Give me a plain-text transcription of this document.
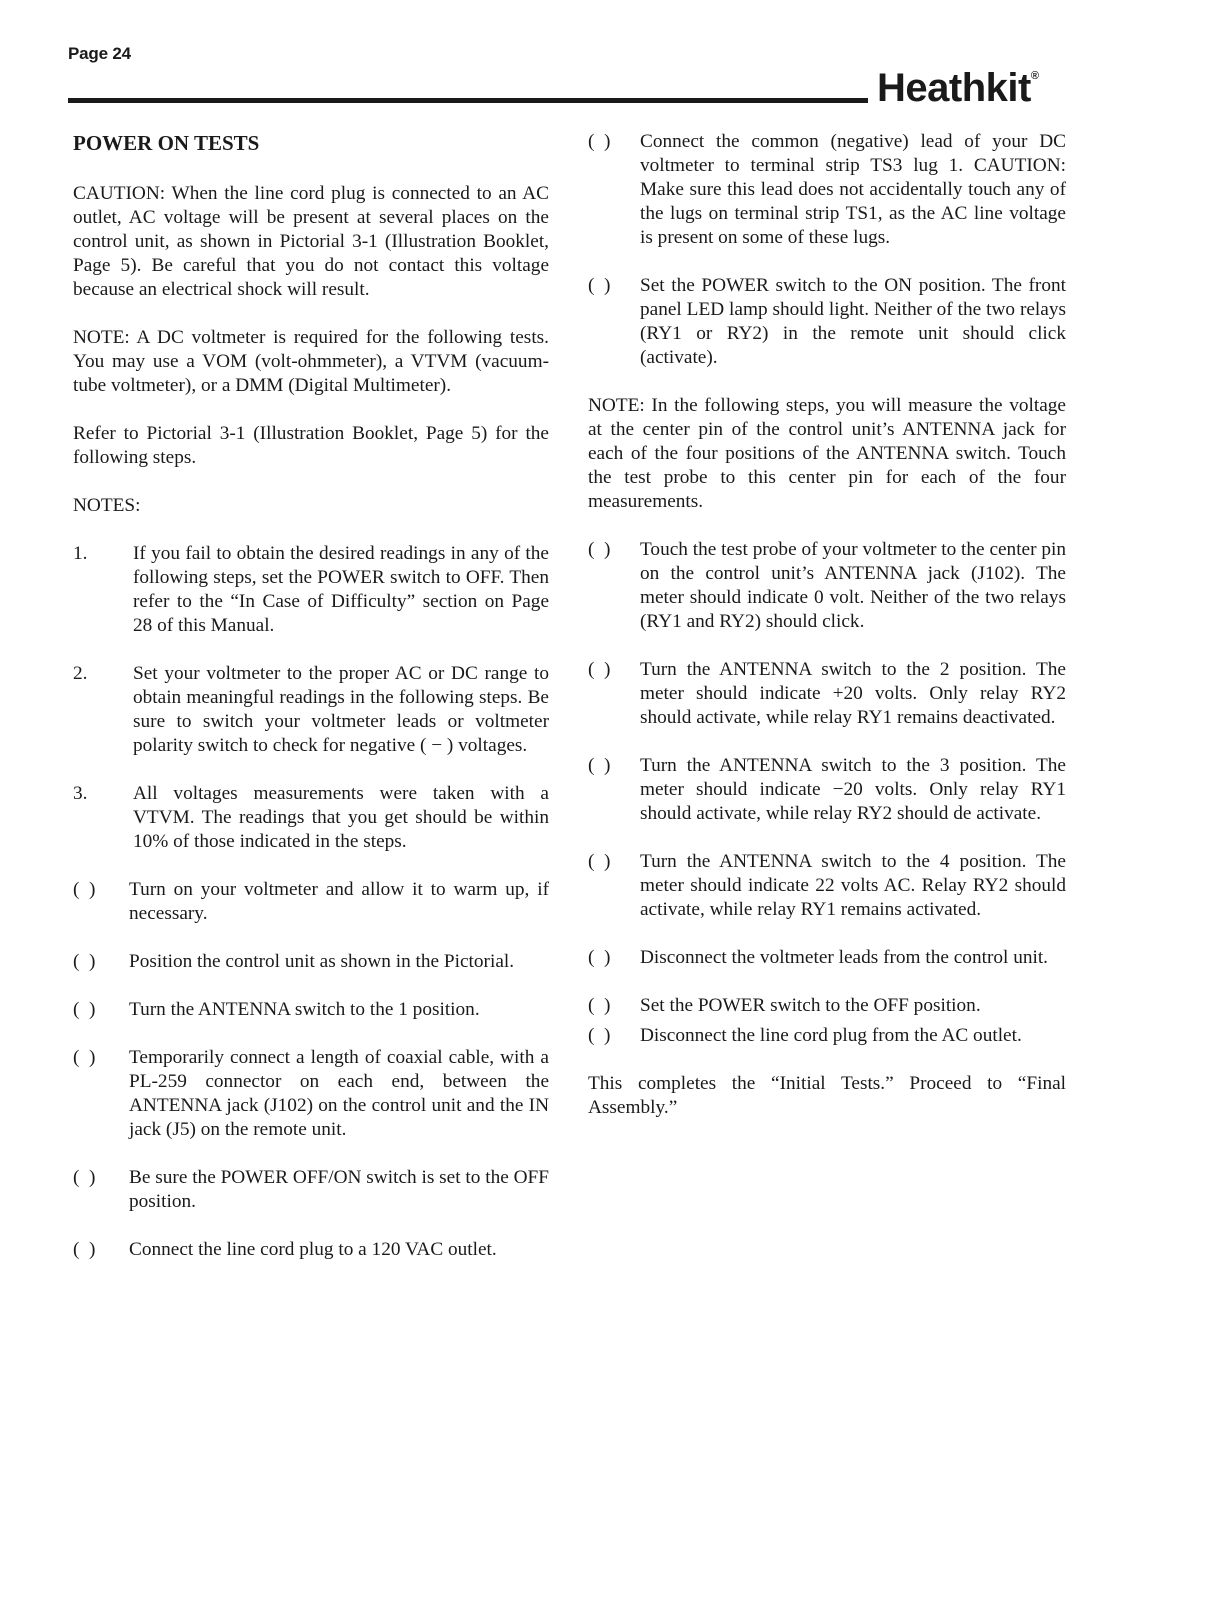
Page 24
Heathkit®

POWER ON TESTS

CAUTION: When the line cord plug is connected to an AC outlet, AC voltage will be present at several places on the control unit, as shown in Pictorial 3-1 (Illustration Booklet, Page 5). Be careful that you do not contact this voltage because an electrical shock will result.

NOTE: A DC voltmeter is required for the following tests. You may use a VOM (volt-ohmmeter), a VTVM (vacuum-tube voltmeter), or a DMM (Digital Multimeter).

Refer to Pictorial 3-1 (Illustration Booklet, Page 5) for the following steps.

NOTES:

1.	If you fail to obtain the desired readings in any of the following steps, set the POWER switch to OFF. Then refer to the “In Case of Difficulty” section on Page 28 of this Manual.
2.	Set your voltmeter to the proper AC or DC range to obtain meaningful readings in the following steps. Be sure to switch your voltmeter leads or voltmeter polarity switch to check for negative ( − ) voltages.
3.	All voltages measurements were taken with a VTVM. The readings that you get should be within 10% of those indicated in the steps.
(  )	Turn on your voltmeter and allow it to warm up, if necessary.
(  )	Position the control unit as shown in the Pictorial.
(  )	Turn the ANTENNA switch to the 1 position.
(  )	Temporarily connect a length of coaxial cable, with a PL-259 connector on each end, between the ANTENNA jack (J102) on the control unit and the IN jack (J5) on the remote unit.
(  )	Be sure the POWER OFF/ON switch is set to the OFF position.
(  )	Connect the line cord plug to a 120 VAC outlet.
(  )	Connect the common (negative) lead of your DC voltmeter to terminal strip TS3 lug 1. CAUTION: Make sure this lead does not accidentally touch any of the lugs on terminal strip TS1, as the AC line voltage is present on some of these lugs.
(  )	Set the POWER switch to the ON position. The front panel LED lamp should light. Neither of the two relays (RY1 or RY2) in the remote unit should click (activate).

NOTE: In the following steps, you will measure the voltage at the center pin of the control unit’s ANTENNA jack for each of the four positions of the ANTENNA switch. Touch the test probe to this center pin for each of the four measurements.

(  )	Touch the test probe of your voltmeter to the center pin on the control unit’s ANTENNA jack (J102). The meter should indicate 0 volt. Neither of the two relays (RY1 and RY2) should click.
(  )	Turn the ANTENNA switch to the 2 position. The meter should indicate +20 volts. Only relay RY2 should activate, while relay RY1 remains deactivated.
(  )	Turn the ANTENNA switch to the 3 position. The meter should indicate −20 volts. Only relay RY1 should activate, while relay RY2 should de activate.
(  )	Turn the ANTENNA switch to the 4 position. The meter should indicate 22 volts AC. Relay RY2 should activate, while relay RY1 remains activated.
(  )	Disconnect the voltmeter leads from the control unit.
(  )	Set the POWER switch to the OFF position.
(  )	Disconnect the line cord plug from the AC outlet.

This completes the “Initial Tests.” Proceed to “Final Assembly.”
